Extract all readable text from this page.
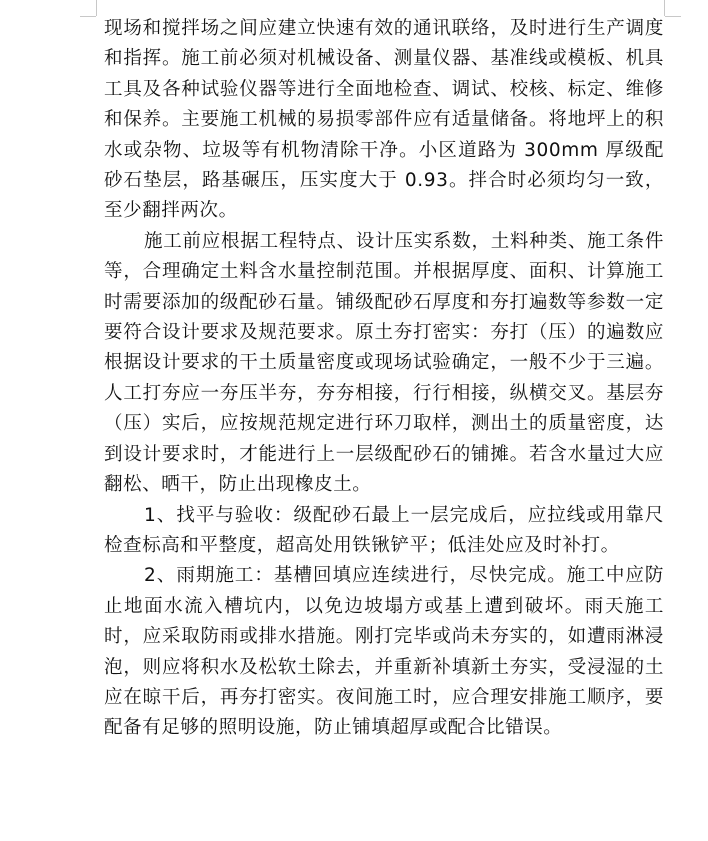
现场和搅拌场之间应建立快速有效的通讯联络，及时进行生产调度和指挥。施工前必须对机械设备、测量仪器、基准线或模板、机具工具及各种试验仪器等进行全面地检查、调试、校核、标定、维修和保养。主要施工机械的易损零部件应有适量储备。将地坪上的积水或杂物、垃圾等有机物清除干净。小区道路为 300mm 厚级配砂石垫层，路基碾压，压实度大于 0.93。拌合时必须均匀一致，至少翻拌两次。

施工前应根据工程特点、设计压实系数，土料种类、施工条件等，合理确定土料含水量控制范围。并根据厚度、面积、计算施工时需要添加的级配砂石量。铺级配砂石厚度和夯打遍数等参数一定要符合设计要求及规范要求。原土夯打密实：夯打（压）的遍数应根据设计要求的干土质量密度或现场试验确定，一般不少于三遍。人工打夯应一夯压半夯，夯夯相接，行行相接，纵横交叉。基层夯（压）实后，应按规范规定进行环刀取样，测出土的质量密度，达到设计要求时，才能进行上一层级配砂石的铺摊。若含水量过大应翻松、晒干，防止出现橡皮土。

1、找平与验收：级配砂石最上一层完成后，应拉线或用靠尺检查标高和平整度，超高处用铁锹铲平；低洼处应及时补打。

2、雨期施工：基槽回填应连续进行，尽快完成。施工中应防止地面水流入槽坑内，以免边坡塌方或基上遭到破坏。雨天施工时，应采取防雨或排水措施。刚打完毕或尚未夯实的，如遭雨淋浸泡，则应将积水及松软土除去，并重新补填新土夯实，受浸湿的土应在晾干后，再夯打密实。夜间施工时，应合理安排施工顺序，要配备有足够的照明设施，防止铺填超厚或配合比错误。
